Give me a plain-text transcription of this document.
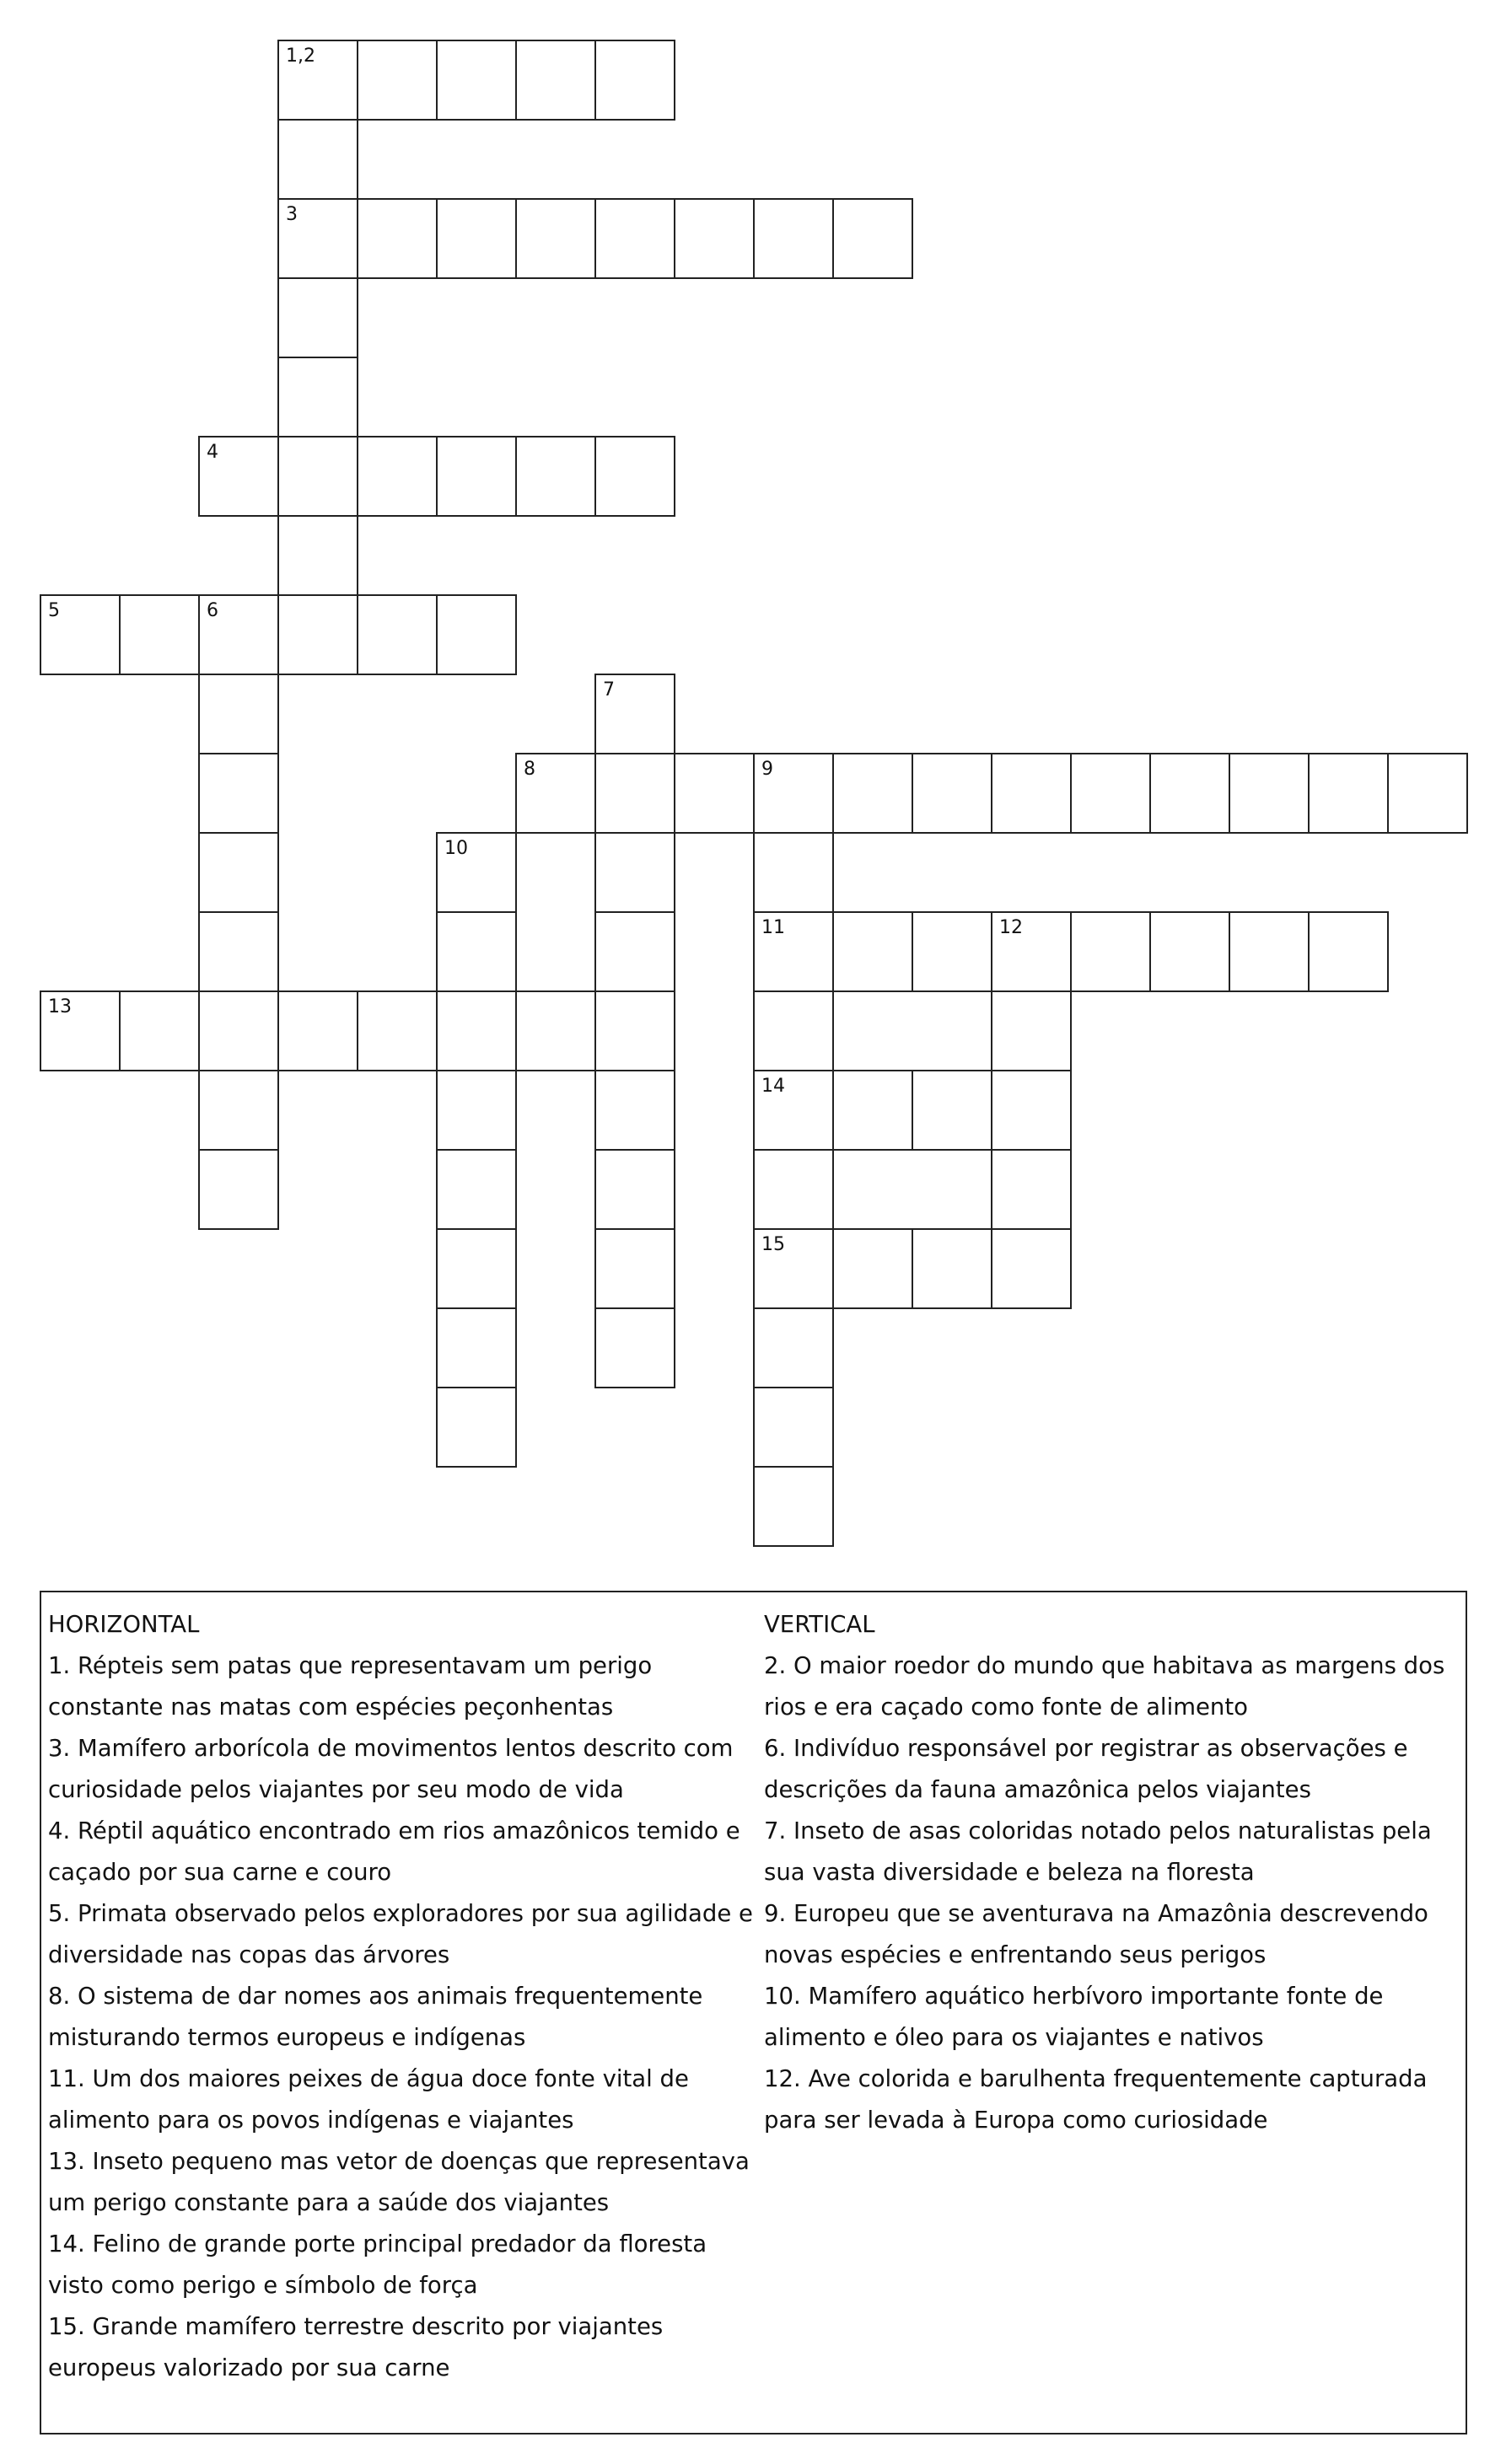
1,2
3
4
5	6
7
8	9
10
11	12
13
14
15
HORIZONTAL
1. Répteis sem patas que representavam um perigo constante nas matas com espécies peçonhentas
3. Mamífero arborícola de movimentos lentos descrito com curiosidade pelos viajantes por seu modo de vida
4. Réptil aquático encontrado em rios amazônicos temido e caçado por sua carne e couro
5. Primata observado pelos exploradores por sua agilidade e diversidade nas copas das árvores
8. O sistema de dar nomes aos animais frequentemente misturando termos europeus e indígenas
11. Um dos maiores peixes de água doce fonte vital de alimento para os povos indígenas e viajantes
13. Inseto pequeno mas vetor de doenças que representava um perigo constante para a saúde dos viajantes
14. Felino de grande porte principal predador da floresta visto como perigo e símbolo de força
15. Grande mamífero terrestre descrito por viajantes europeus valorizado por sua carne
VERTICAL
2. O maior roedor do mundo que habitava as margens dos rios e era caçado como fonte de alimento
6. Indivíduo responsável por registrar as observações e descrições da fauna amazônica pelos viajantes
7. Inseto de asas coloridas notado pelos naturalistas pela sua vasta diversidade e beleza na floresta
9. Europeu que se aventurava na Amazônia descrevendo novas espécies e enfrentando seus perigos
10. Mamífero aquático herbívoro importante fonte de alimento e óleo para os viajantes e nativos
12. Ave colorida e barulhenta frequentemente capturada para ser levada à Europa como curiosidade
